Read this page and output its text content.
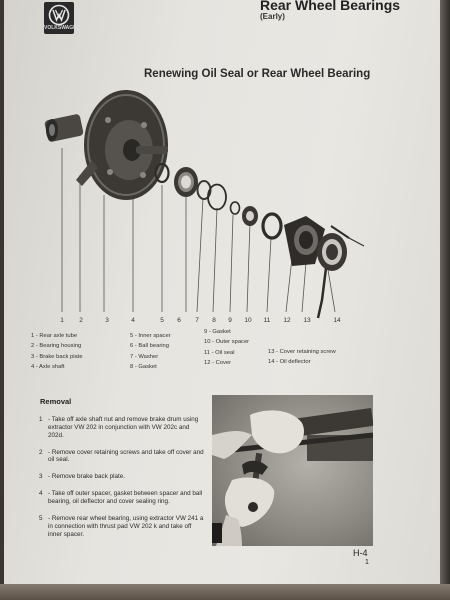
VOLKSWAGEN
Rear Wheel Bearings
(Early)
Renewing Oil Seal or Rear Wheel Bearing
1 2	3	4	5 6 7 8 9 10 11 12 13	14
1 - Rear axle tube
2 - Bearing housing
3 - Brake back plate
4 - Axle shaft
5 - Inner spacer
6 - Ball bearing
7 - Washer
8 - Gasket
9 - Gasket
10 - Outer spacer
11 - Oil seal
12 - Cover
13 - Cover retaining screw
14 - Oil deflector
Removal
1 - Take off axle shaft nut and remove brake drum using extractor VW 202 in conjunction with VW 202c and 202d.
2 - Remove cover retaining screws and take off cover and oil seal.
3 - Remove brake back plate.
4 - Take off outer spacer, gasket between spacer and ball bearing, oil deflector and cover sealing ring.
5 - Remove rear wheel bearing, using extractor VW 241 a in connection with thrust pad VW 202 k and take off inner spacer.
H-4
1
